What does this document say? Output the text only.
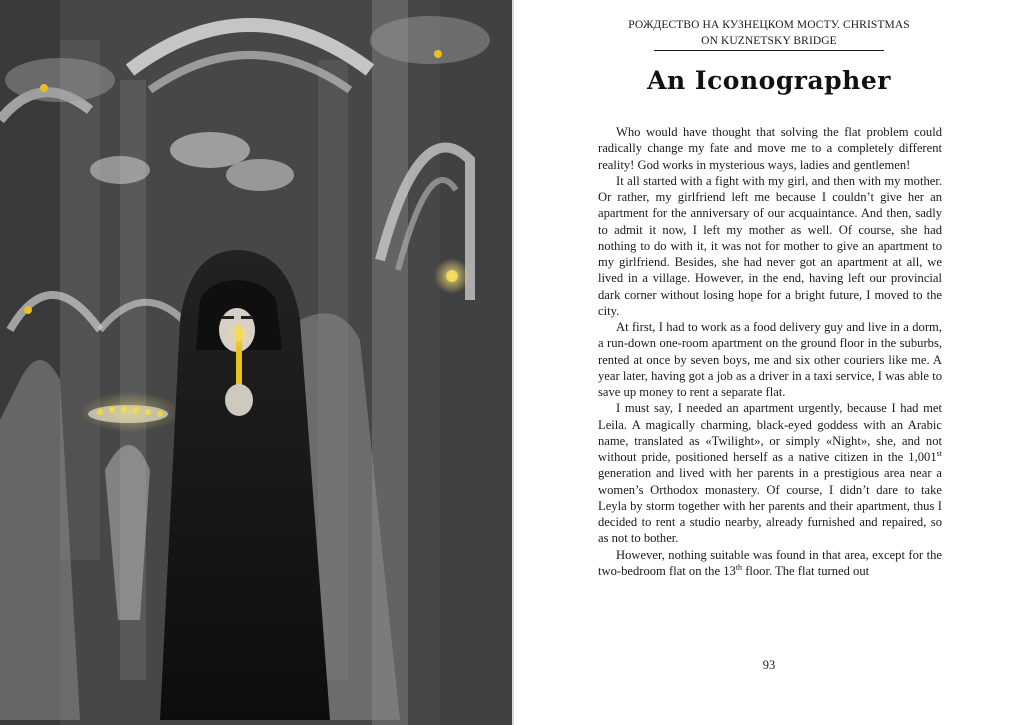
РОЖДЕСТВО НА КУЗНЕЦКОМ МОСТУ. CHRISTMAS ON KUZNETSKY BRIDGE
An Iconographer

Who would have thought that solving the flat problem could radically change my fate and move me to a completely different reality! God works in mysterious ways, ladies and gentlemen!

It all started with a fight with my girl, and then with my mother. Or rather, my girlfriend left me because I couldn’t give her an apartment for the anniversary of our acquaintance. And then, sadly to admit it now, I left my mother as well. Of course, she had nothing to do with it, it was not for mother to give an apartment to my girlfriend. Besides, she had never got an apartment at all, we lived in a village. However, in the end, having left our provincial dark corner without losing hope for a bright future, I moved to the city.

At first, I had to work as a food delivery guy and live in a dorm, a run-down one-room apartment on the ground floor in the suburbs, rented at once by seven boys, me and six other couriers like me. A year later, having got a job as a driver in a taxi service, I was able to save up money to rent a separate flat.

I must say, I needed an apartment urgently, because I had met Leila. A magically charming, black-eyed goddess with an Arabic name, translated as «Twilight», or simply «Night», she, and not without pride, positioned herself as a native citizen in the 1,001st generation and lived with her parents in a prestigious area near a women’s Orthodox monastery. Of course, I didn’t dare to take Leyla by storm together with her parents and their apartment, thus I decided to rent a studio nearby, already furnished and repaired, so as not to bother.

However, nothing suitable was found in that area, except for the two-bedroom flat on the 13th floor. The flat turned out

93
